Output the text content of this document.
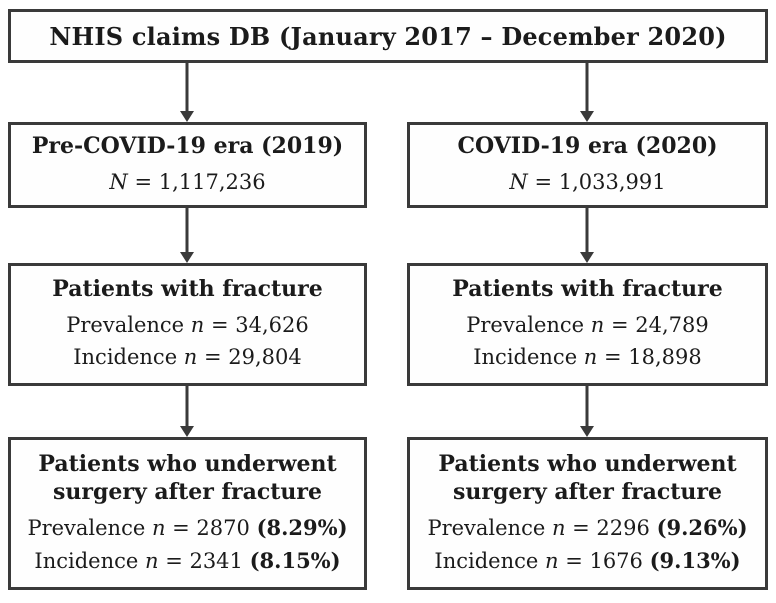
NHIS claims DB (January 2017 – December 2020)
Pre-COVID-19 era (2019)
N = 1,117,236
COVID-19 era (2020)
N = 1,033,991
Patients with fracture
Prevalence n = 34,626
Incidence n = 29,804
Patients with fracture
Prevalence n = 24,789
Incidence n = 18,898
Patients who underwent surgery after fracture
Prevalence n = 2870 (8.29%)
Incidence n = 2341 (8.15%)
Patients who underwent surgery after fracture
Prevalence n = 2296 (9.26%)
Incidence n = 1676 (9.13%)
